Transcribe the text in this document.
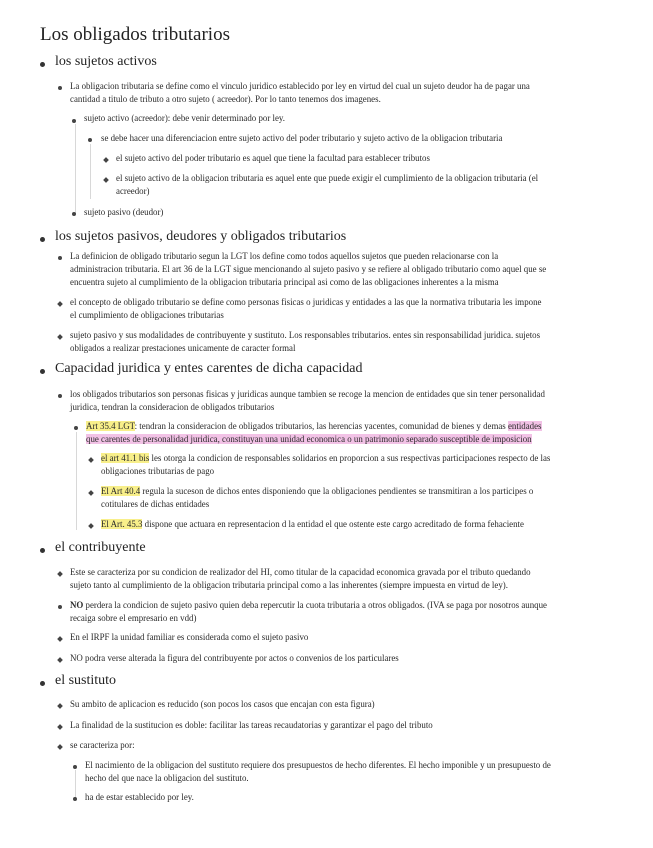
Los obligados tributarios
los sujetos activos
La obligacion tributaria se define como el vinculo juridico establecido por ley en virtud del cual un sujeto deudor ha de pagar una
cantidad a titulo de tributo a otro sujeto ( acreedor). Por lo tanto tenemos dos imagenes.
sujeto activo (acreedor): debe venir determinado por ley.
se debe hacer una diferenciacion entre sujeto activo del poder tributario y sujeto activo de la obligacion tributaria
el sujeto activo del poder tributario es aquel que tiene la facultad para establecer tributos
el sujeto activo de la obligacion tributaria es aquel ente que puede exigir el cumplimiento de la obligacion tributaria (el
acreedor)
sujeto pasivo (deudor)
los sujetos pasivos, deudores y obligados tributarios
La definicion de obligado tributario segun la LGT los define como todos aquellos sujetos que pueden relacionarse con la
administracion tributaria. El art 36 de la LGT sigue mencionando al sujeto pasivo y se refiere al obligado tributario como aquel que se
encuentra sujeto al cumplimiento de la obligacion tributaria principal asi como de las obligaciones inherentes a la misma
el concepto de obligado tributario se define como personas fisicas o juridicas y entidades a las que la normativa tributaria les impone
el cumplimiento de obligaciones tributarias
sujeto pasivo y sus modalidades de contribuyente y sustituto. Los responsables tributarios. entes sin responsabilidad juridica. sujetos
obligados a realizar prestaciones unicamente de caracter formal
Capacidad juridica y entes carentes de dicha capacidad
los obligados tributarios son personas fisicas y juridicas aunque tambien se recoge la mencion de entidades que sin tener personalidad
juridica, tendran la consideracion de obligados tributarios
Art 35.4 LGT: tendran la consideracion de obligados tributarios, las herencias yacentes, comunidad de bienes y demas entidades
que carentes de personalidad juridica, constituyan una unidad economica o un patrimonio separado susceptible de imposicion
el art 41.1 bis les otorga la condicion de responsables solidarios en proporcion a sus respectivas participaciones respecto de las
obligaciones tributarias de pago
El Art 40.4 regula la suceson de dichos entes disponiendo que la obligaciones pendientes se transmitiran a los participes o
cotitulares de dichas entidades
El Art. 45.3 dispone que actuara en representacion d la entidad el que ostente este cargo acreditado de forma fehaciente
el contribuyente
Este se caracteriza por su condicion de realizador del HI, como titular de la capacidad economica gravada por el tributo quedando
sujeto tanto al cumplimiento de la obligacion tributaria principal como a las inherentes (siempre impuesta en virtud de ley).
NO perdera la condicion de sujeto pasivo quien deba repercutir la cuota tributaria a otros obligados. (IVA se paga por nosotros aunque
recaiga sobre el empresario en vdd)
En el IRPF la unidad familiar es considerada como el sujeto pasivo
NO podra verse alterada la figura del contribuyente por actos o convenios de los particulares
el sustituto
Su ambito de aplicacion es reducido (son pocos los casos que encajan con esta figura)
La finalidad de la sustitucion es doble: facilitar las tareas recaudatorias y garantizar el pago del tributo
se caracteriza por:
El nacimiento de la obligacion del sustituto requiere dos presupuestos de hecho diferentes. El hecho imponible y un presupuesto de
hecho del que nace la obligacion del sustituto.
ha de estar establecido por ley.
